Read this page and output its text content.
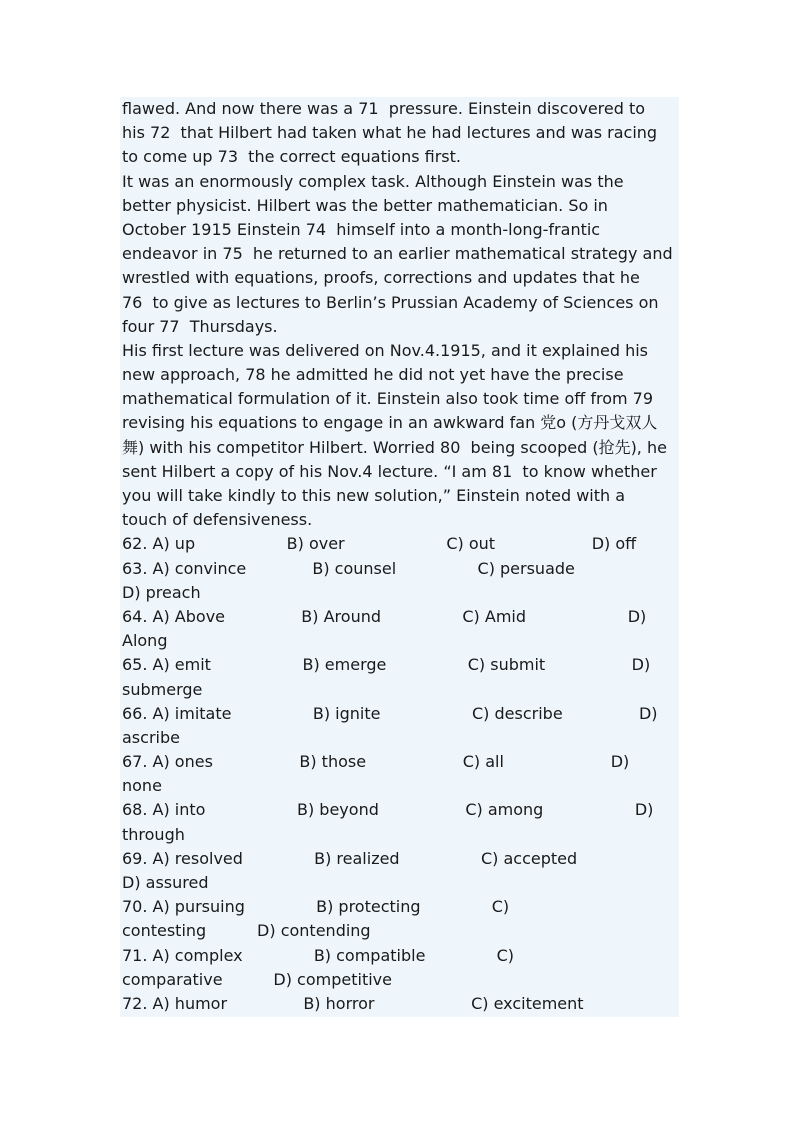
flawed. And now there was a 71  pressure. Einstein discovered to
his 72  that Hilbert had taken what he had lectures and was racing
to come up 73  the correct equations first.
It was an enormously complex task. Although Einstein was the
better physicist. Hilbert was the better mathematician. So in
October 1915 Einstein 74  himself into a month-long-frantic
endeavor in 75  he returned to an earlier mathematical strategy and
wrestled with equations, proofs, corrections and updates that he
76  to give as lectures to Berlin’s Prussian Academy of Sciences on
four 77  Thursdays.
His first lecture was delivered on Nov.4.1915, and it explained his
new approach, 78 he admitted he did not yet have the precise
mathematical formulation of it. Einstein also took time off from 79
revising his equations to engage in an awkward fan 党o (方丹戈双人
舞) with his competitor Hilbert. Worried 80  being scooped (抢先), he
sent Hilbert a copy of his Nov.4 lecture. “I am 81  to know whether
you will take kindly to this new solution,” Einstein noted with a
touch of defensiveness.
62. A) up                  B) over                    C) out                   D) off
63. A) convince             B) counsel                C) persuade
D) preach
64. A) Above               B) Around                C) Amid                    D)
Along
65. A) emit                  B) emerge                C) submit                 D)
submerge
66. A) imitate                B) ignite                  C) describe               D)
ascribe
67. A) ones                 B) those                   C) all                     D)
none
68. A) into                  B) beyond                 C) among                  D)
through
69. A) resolved              B) realized                C) accepted
D) assured
70. A) pursuing              B) protecting              C)
contesting          D) contending
71. A) complex              B) compatible              C)
comparative          D) competitive
72. A) humor               B) horror                   C) excitement
